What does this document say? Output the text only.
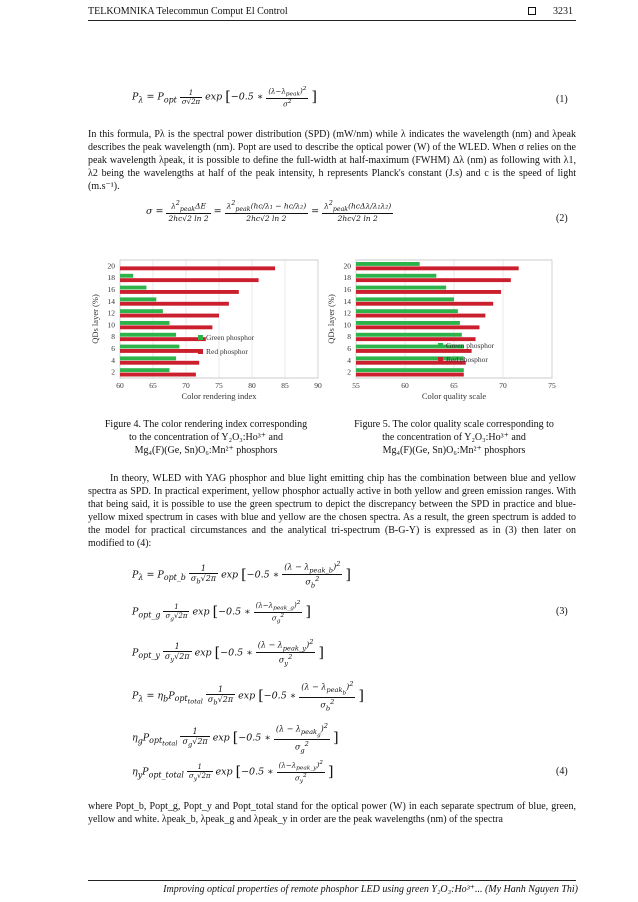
TELKOMNIKA Telecommun Comput El Control	3231
$P_\lambda = P_{opt} \frac{1}{\sigma√2\pi}$ exp [−0.5 ∗ $\frac{(\lambda-\lambda_{peak})^2}{\sigma^2}$ ]	(1)

In this formula, Pλ is the spectral power distribution (SPD) (mW/nm) while λ indicates the wavelength (nm) and λpeak describes the peak wavelength (nm). Popt are used to describe the optical power (W) of the WLED. When σ relies on the peak wavelength λpeak, it is possible to define the full-width at half-maximum (FWHM) Δλ (nm) as following with λ1, λ2 being the wavelengths at half of the peak intensity, h represents Planck's constant (J.s) and c is the speed of light (m.s⁻¹).

$\sigma = \frac{\lambda^2_{peak}\Delta E}{2hc√2 \ln 2} = \frac{\lambda^2_{peak}(hc/\lambda_1 - hc/\lambda_2)}{2hc√2 \ln 2} = \frac{\lambda^2_{peak}(hc\Delta\lambda/\lambda_1\lambda_2)}{2hc√2 \ln 2}$	(2)
60	65	70	75	80	85	90
2
4
6
8
10
12
14
16
18
20
Color rendering index
QDs layer (%)	Green phosphor
Red phosphor
55	60	65	70	75
2
4
6
8
10
12
14
16
18
20
Color quality scale
QDs layer (%)
Green phosphor
Red phosphor
Figure 4. The color rendering index corresponding
to the concentration of Y₂O₃:Ho³⁺ and
Mg₄(F)(Ge, Sn)O₆:Mn²⁺ phosphors
Figure 5. The color quality scale corresponding to
the concentration of Y₂O₃:Ho³⁺ and
Mg₄(F)(Ge, Sn)O₆:Mn²⁺ phosphors

In theory, WLED with YAG phosphor and blue light emitting chip has the combination between blue and yellow spectra as SPD. In practical experiment, yellow phosphor actually active in both yellow and green emission ranges. With that being said, it is possible to use the green spectrum to depict the discrepancy between the SPD in practice and blue-yellow mixed spectrum in cases with blue and yellow are the chosen spectra. As a result, the green spectrum is added to the model for practical circumstances and the analytical tri-spectrum (B-G-Y) is expressed as in (3) then later on modified to (4):

$P_\lambda = P_{opt\_b} \frac{1}{\sigma_b√2\pi}$ exp [−0.5 ∗ $\frac{(\lambda - \lambda_{peak\_b})^2}{\sigma_b^2}$ ]
$P_{opt\_g} \frac{1}{\sigma_g√2\pi}$ exp [−0.5 ∗ $\frac{(\lambda-\lambda_{peak\_g})^2}{\sigma_g^2}$ ]	(3)
$P_{opt\_y} \frac{1}{\sigma_y√2\pi}$ exp [−0.5 ∗ $\frac{(\lambda - \lambda_{peak\_y})^2}{\sigma_y^2}$ ]
$P_\lambda = \eta_bP_{opt_{total}} \frac{1}{\sigma_b√2\pi}$ exp [−0.5 ∗ $\frac{(\lambda - \lambda_{peak_b})^2}{\sigma_b^2}$ ]
$\eta_gP_{opt_{total}} \frac{1}{\sigma_g√2\pi}$ exp [−0.5 ∗ $\frac{(\lambda - \lambda_{peak_g})^2}{\sigma_g^2}$ ]
$\eta_yP_{opt\_total} \frac{1}{\sigma_y√2\pi}$ exp [−0.5 ∗ $\frac{(\lambda-\lambda_{peak\_y})^2}{\sigma_y^2}$ ]	(4)

where Popt_b, Popt_g, Popt_y and Popt_total stand for the optical power (W) in each separate spectrum of blue, green, yellow and white. λpeak_b, λpeak_g and λpeak_y in order are the peak wavelengths (nm) of the spectra

Improving optical properties of remote phosphor LED using green Y₂O₃:Ho³⁺... (My Hanh Nguyen Thi)
